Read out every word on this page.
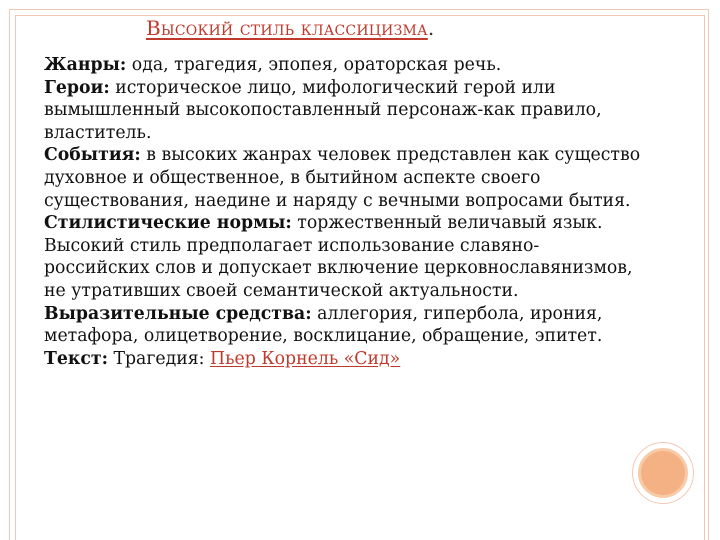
Высокий стиль классицизма.

Жанры: ода, трагедия, эпопея, ораторская речь.

Герои: историческое лицо, мифологический герой или вымышленный высокопоставленный персонаж-как правило, властитель.

События: в высоких жанрах человек представлен как существо духовное и общественное, в бытийном аспекте своего существования, наедине и наряду с вечными вопросами бытия.

Стилистические нормы: торжественный величавый язык.

Высокий стиль предполагает использование славяно-российских слов и допускает включение церковнославянизмов, не утративших своей семантической актуальности.

Выразительные средства: аллегория, гипербола, ирония, метафора, олицетворение, восклицание, обращение, эпитет.

Текст: Трагедия: Пьер Корнель «Сид»
